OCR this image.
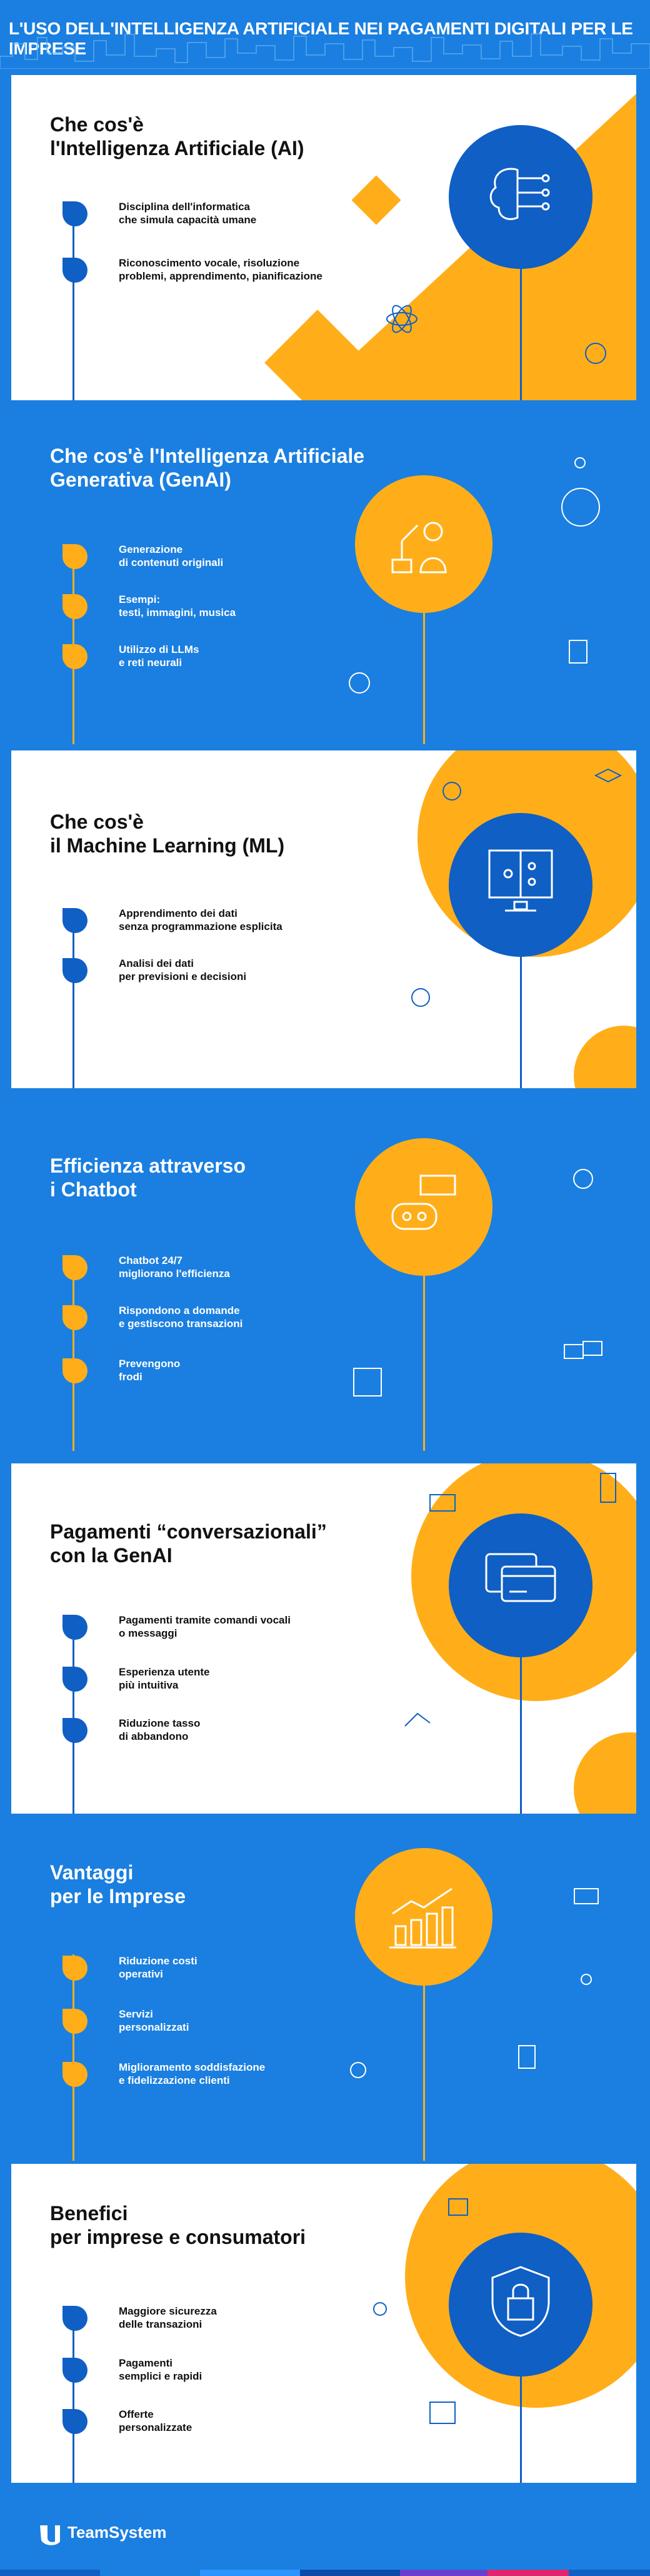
L'USO DELL'INTELLIGENZA ARTIFICIALE NEI PAGAMENTI DIGITALI PER LE IMPRESE
Che cos'è
l'Intelligenza Artificiale (AI)
Disciplina dell'informatica
che simula capacità umane
Riconoscimento vocale, risoluzione
problemi, apprendimento, pianificazione
Che cos'è l'Intelligenza Artificiale
Generativa (GenAI)
Generazione
di contenuti originali
Esempi:
testi, immagini, musica
Utilizzo di LLMs
e reti neurali
Che cos'è
il Machine Learning (ML)
Apprendimento dei dati
senza programmazione esplicita
Analisi dei dati
per previsioni e decisioni
Efficienza attraverso
i Chatbot
Chatbot 24/7
migliorano l'efficienza
Rispondono a domande
e gestiscono transazioni
Prevengono
frodi
Pagamenti “conversazionali”
con la GenAI
Pagamenti tramite comandi vocali
o messaggi
Esperienza utente
più intuitiva
Riduzione tasso
di abbandono
Vantaggi
per le Imprese
Riduzione costi
operativi
Servizi
personalizzati
Miglioramento soddisfazione
e fidelizzazione clienti
Benefici
per imprese e consumatori
Maggiore sicurezza
delle transazioni
Pagamenti
semplici e rapidi
Offerte
personalizzate
TeamSystem
